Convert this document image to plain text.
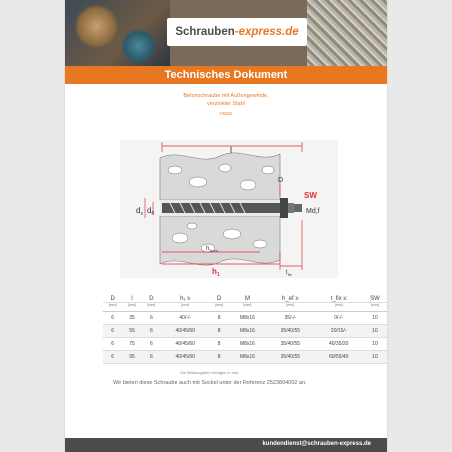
Schrauben -express.de
Technisches Dokument
Betonschraube mit Außengewinde,
verzinkter Stahl
V5202
l
D
SW
Md,f
$d_s$ $d_0$
$h_{Nom}$
$h_1$	$t_{fix}$
D	l	D	h₁ ≥	D	M	h_ef ≥	t_fix ≤	SW
[mm]	[mm]	[mm]	[mm]	[mm]	[mm]	[mm]	[mm]	[mm]
6	35	6	40/-/-	8	M8x16	35/-/-	0/-/-	10
6	55	6	40/45/60	8	M8x16	35/40/55	20/15/-	10
6	75	6	40/45/60	8	M8x16	35/40/55	40/35/20	10
6	95	6	40/45/60	8	M8x16	35/40/55	60/55/40	10
Die Maßangaben erfolgen in mm.
Wir bieten diese Schraube auch mit Sockel unter der Referenz 2523804002 an.
kundendienst@schrauben-express.de
